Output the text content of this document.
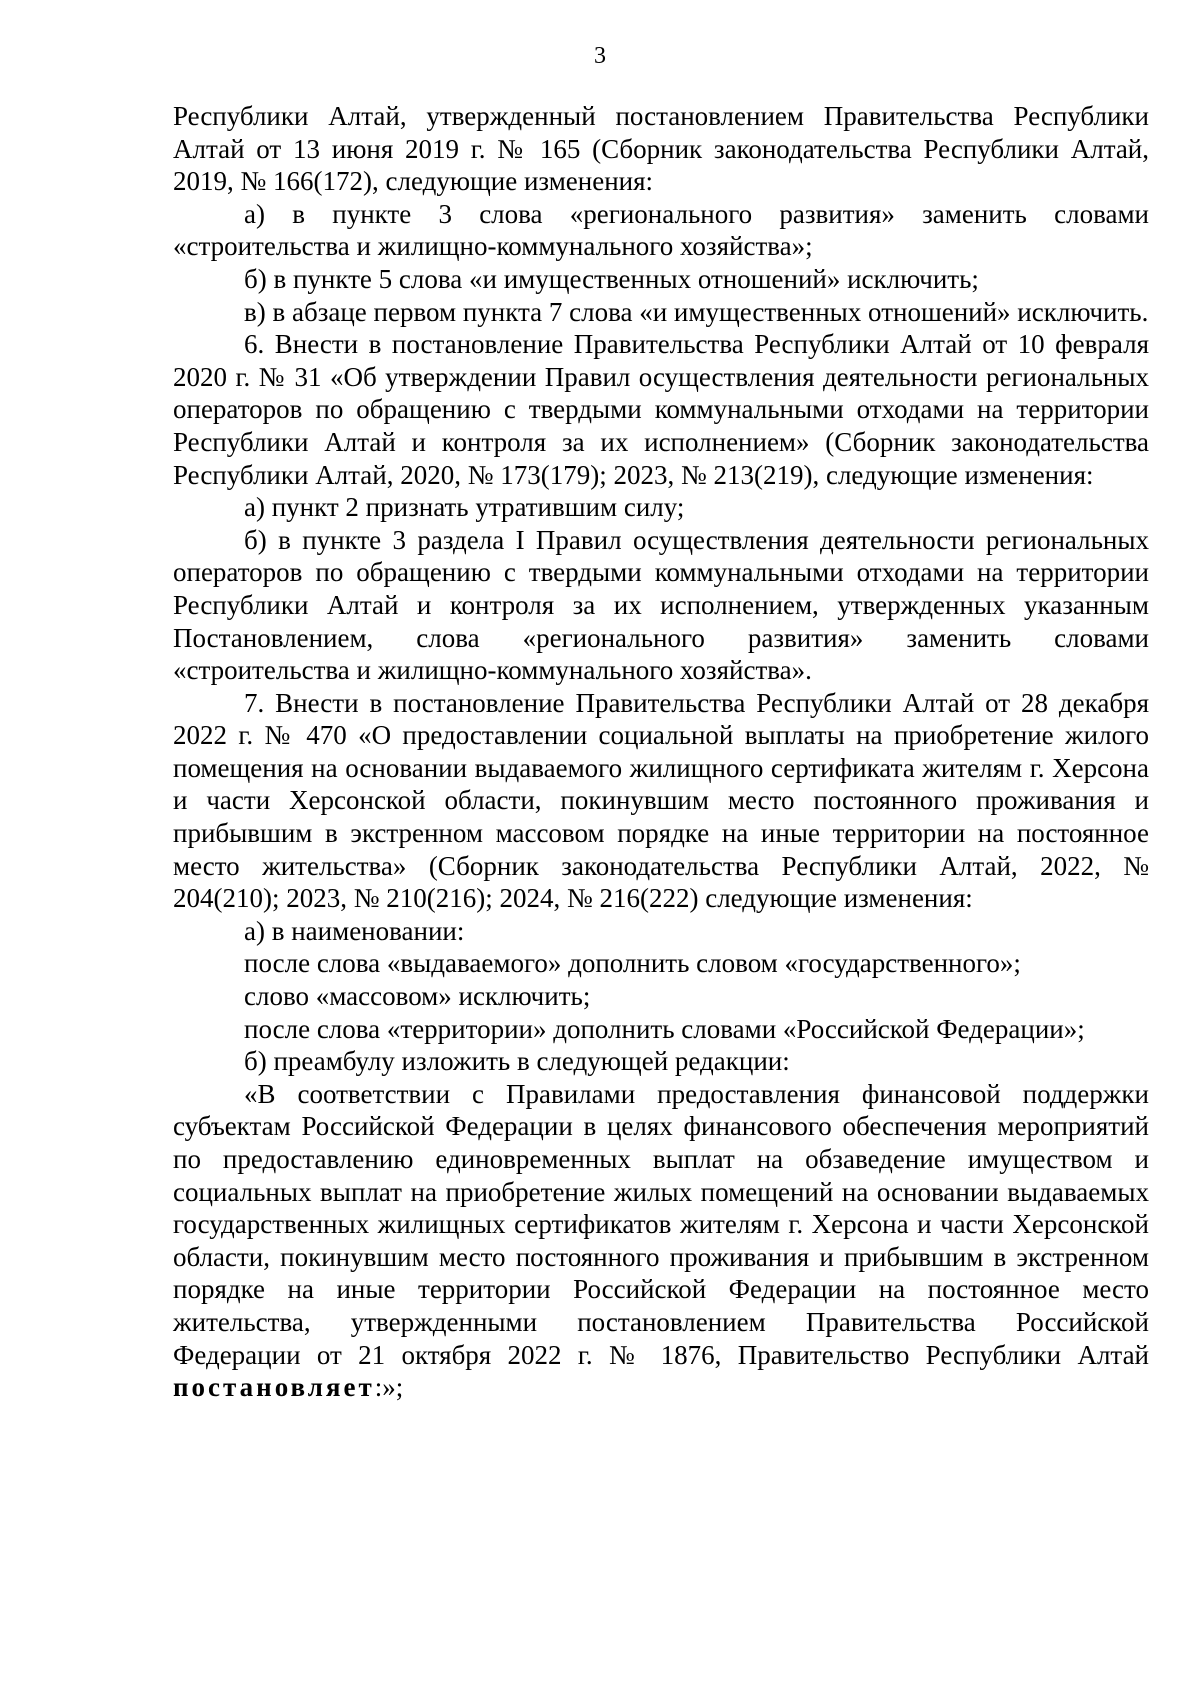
3

Республики Алтай, утвержденный постановлением Правительства Республики Алтай от 13 июня 2019 г. № 165 (Сборник законодательства Республики Алтай, 2019, № 166(172), следующие изменения:

а) в пункте 3 слова «регионального развития» заменить словами «строительства и жилищно-коммунального хозяйства»;

б) в пункте 5 слова «и имущественных отношений» исключить;

в) в абзаце первом пункта 7 слова «и имущественных отношений» исключить.

6. Внести в постановление Правительства Республики Алтай от 10 февраля 2020 г. № 31 «Об утверждении Правил осуществления деятельности региональных операторов по обращению с твердыми коммунальными отходами на территории Республики Алтай и контроля за их исполнением» (Сборник законодательства Республики Алтай, 2020, № 173(179); 2023, № 213(219), следующие изменения:

а) пункт 2 признать утратившим силу;

б) в пункте 3 раздела I Правил осуществления деятельности региональных операторов по обращению с твердыми коммунальными отходами на территории Республики Алтай и контроля за их исполнением, утвержденных указанным Постановлением, слова «регионального развития» заменить словами «строительства и жилищно-коммунального хозяйства».

7. Внести в постановление Правительства Республики Алтай от 28 декабря 2022 г. № 470 «О предоставлении социальной выплаты на приобретение жилого помещения на основании выдаваемого жилищного сертификата жителям г. Херсона и части Херсонской области, покинувшим место постоянного проживания и прибывшим в экстренном массовом порядке на иные территории на постоянное место жительства» (Сборник законодательства Республики Алтай, 2022, № 204(210); 2023, № 210(216); 2024, № 216(222) следующие изменения:

а) в наименовании:

после слова «выдаваемого» дополнить словом «государственного»;

слово «массовом» исключить;

после слова «территории» дополнить словами «Российской Федерации»;

б) преамбулу изложить в следующей редакции:

«В соответствии с Правилами предоставления финансовой поддержки субъектам Российской Федерации в целях финансового обеспечения мероприятий по предоставлению единовременных выплат на обзаведение имуществом и социальных выплат на приобретение жилых помещений на основании выдаваемых государственных жилищных сертификатов жителям г. Херсона и части Херсонской области, покинувшим место постоянного проживания и прибывшим в экстренном порядке на иные территории Российской Федерации на постоянное место жительства, утвержденными постановлением Правительства Российской Федерации от 21 октября 2022 г. № 1876, Правительство Республики Алтай постановляет:»;
